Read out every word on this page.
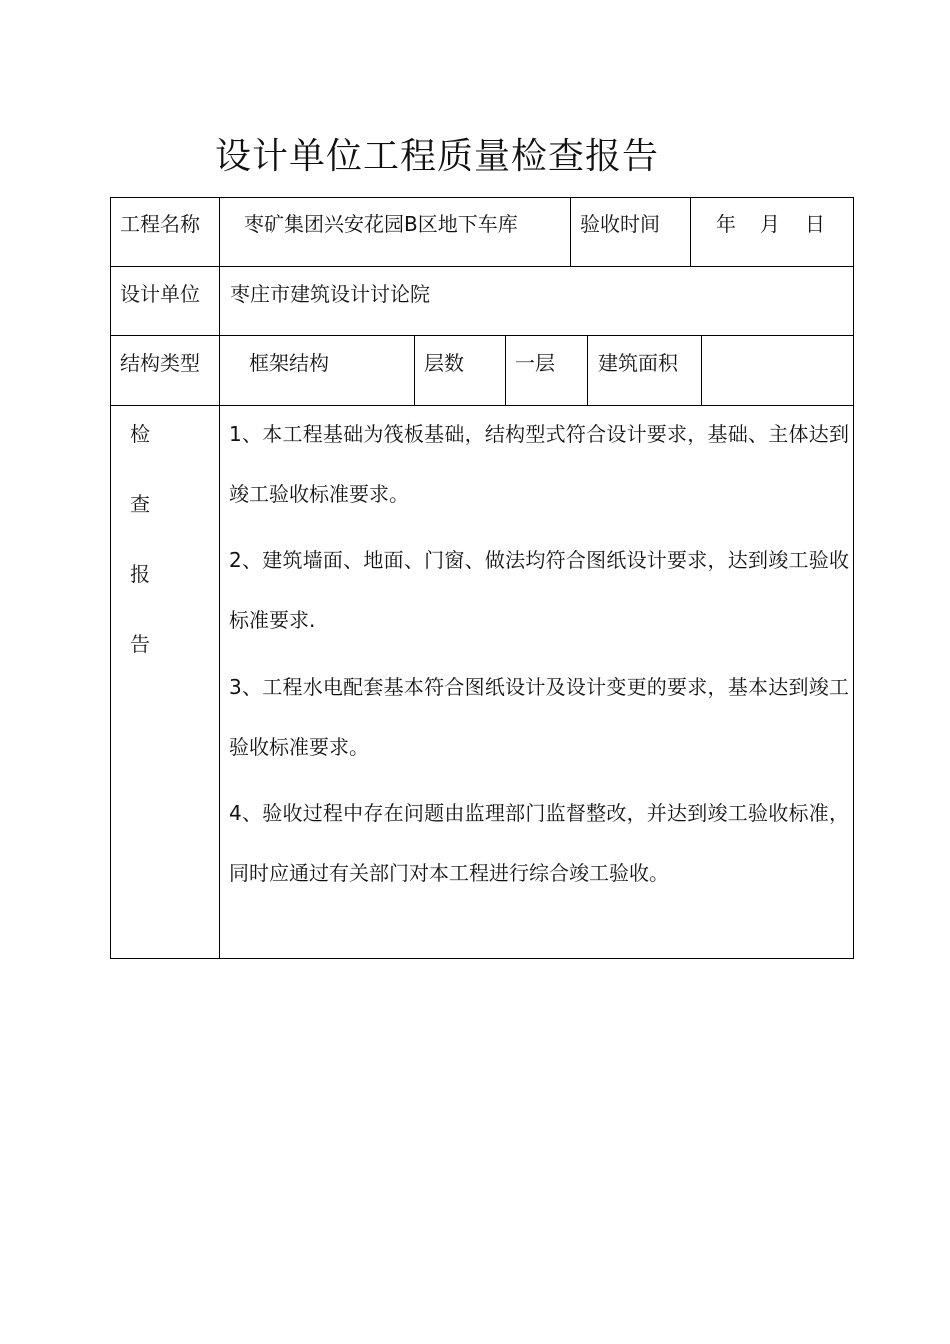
设计单位工程质量检查报告
工程名称 枣矿集团兴安花园B区地下车库	验收时间	年 月 日
设计单位 枣庄市建筑设计讨论院
结构类型 框架结构	层数	一层 建筑面积
检
查
报
告
1、本工程基础为筏板基础，结构型式符合设计要求，基础、主体达到竣工验收标准要求。
2、建筑墙面、地面、门窗、做法均符合图纸设计要求，达到竣工验收标准要求.
3、工程水电配套基本符合图纸设计及设计变更的要求，基本达到竣工验收标准要求。
4、验收过程中存在问题由监理部门监督整改，并达到竣工验收标准，同时应通过有关部门对本工程进行综合竣工验收。
